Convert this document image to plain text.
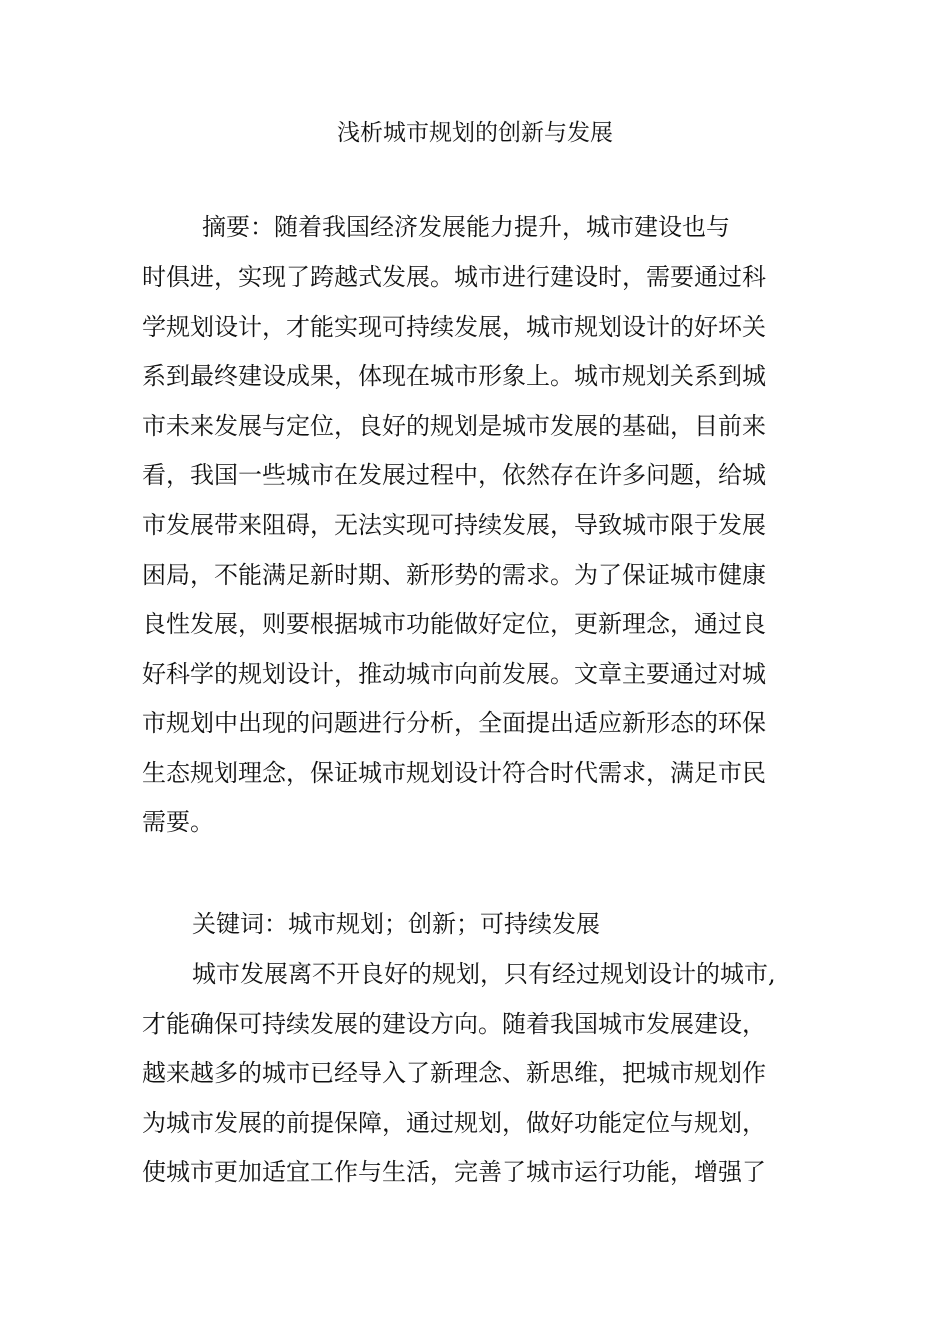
浅析城市规划的创新与发展
摘要：随着我国经济发展能力提升，城市建设也与
时俱进，实现了跨越式发展。城市进行建设时，需要通过科
学规划设计，才能实现可持续发展，城市规划设计的好坏关
系到最终建设成果，体现在城市形象上。城市规划关系到城
市未来发展与定位，良好的规划是城市发展的基础，目前来
看，我国一些城市在发展过程中，依然存在许多问题，给城
市发展带来阻碍，无法实现可持续发展，导致城市限于发展
困局，不能满足新时期、新形势的需求。为了保证城市健康
良性发展，则要根据城市功能做好定位，更新理念，通过良
好科学的规划设计，推动城市向前发展。文章主要通过对城
市规划中出现的问题进行分析，全面提出适应新形态的环保
生态规划理念，保证城市规划设计符合时代需求，满足市民
需要。
关键词：城市规划；创新；可持续发展
城市发展离不开良好的规划，只有经过规划设计的城市,
才能确保可持续发展的建设方向。随着我国城市发展建设，
越来越多的城市已经导入了新理念、新思维，把城市规划作
为城市发展的前提保障，通过规划，做好功能定位与规划，
使城市更加适宜工作与生活，完善了城市运行功能，增强了
